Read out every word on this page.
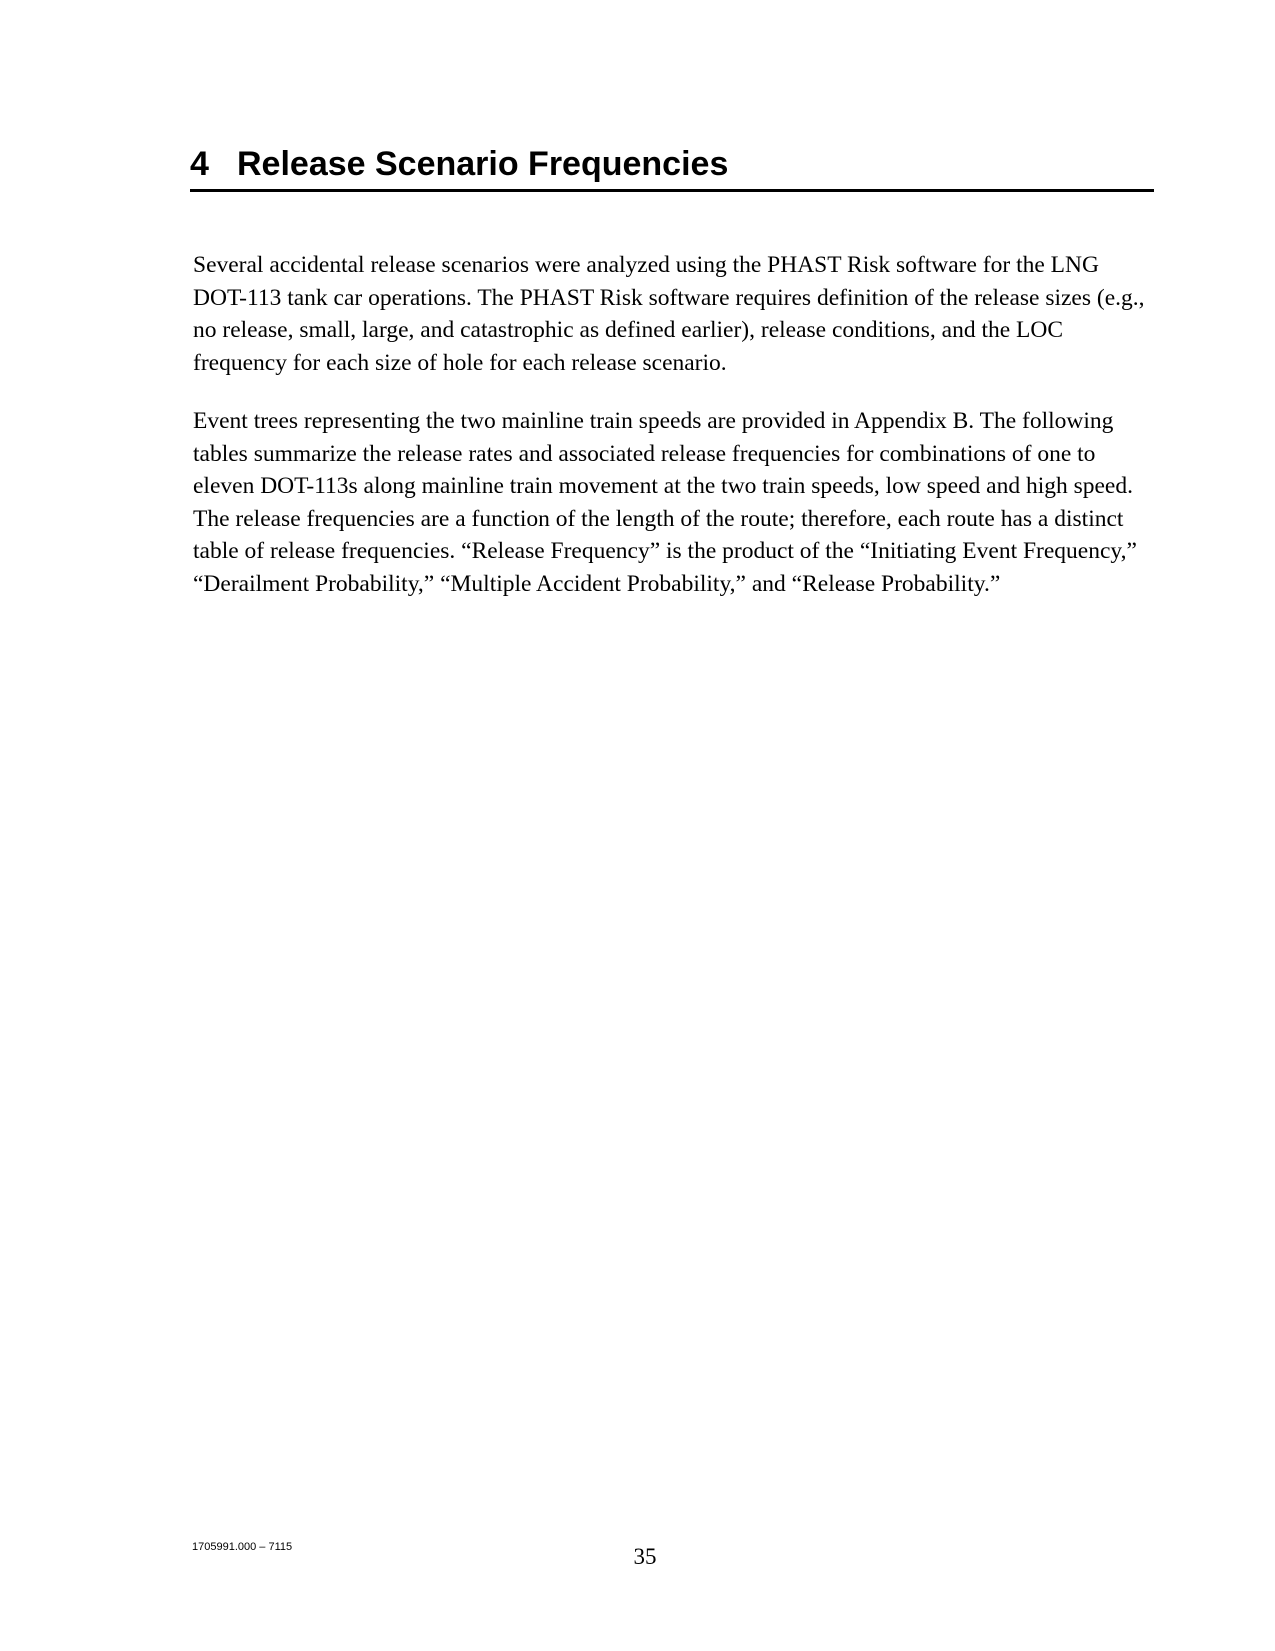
4 Release Scenario Frequencies

Several accidental release scenarios were analyzed using the PHAST Risk software for the LNG DOT-113 tank car operations. The PHAST Risk software requires definition of the release sizes (e.g., no release, small, large, and catastrophic as defined earlier), release conditions, and the LOC frequency for each size of hole for each release scenario.

Event trees representing the two mainline train speeds are provided in Appendix B. The following tables summarize the release rates and associated release frequencies for combinations of one to eleven DOT-113s along mainline train movement at the two train speeds, low speed and high speed. The release frequencies are a function of the length of the route; therefore, each route has a distinct table of release frequencies. “Release Frequency” is the product of the “Initiating Event Frequency,” “Derailment Probability,” “Multiple Accident Probability,” and “Release Probability.”

1705991.000 – 7115	35
